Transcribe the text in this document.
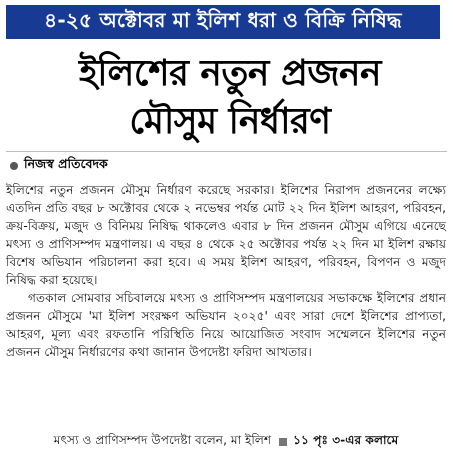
৪-২৫ অক্টোবর মা ইলিশ ধরা ও বিক্রি নিষিদ্ধ
ইলিশের নতুন প্রজনন
মৌসুম নির্ধারণ
নিজস্ব প্রতিবেদক

ইলিশের নতুন প্রজনন মৌসুম নির্ধারণ করেছে সরকার। ইলিশের নিরাপদ প্রজননের লক্ষ্যে এতদিন প্রতি বছর ৮ অক্টোবর থেকে ২ নভেম্বর পর্যন্ত মোট ২২ দিন ইলিশ আহরণ, পরিবহন, ক্রয়-বিক্রয়, মজুদ ও বিনিময় নিষিদ্ধ থাকলেও এবার ৮ দিন প্রজনন মৌসুম এগিয়ে এনেছে মৎস্য ও প্রাণিসম্পদ মন্ত্রণালয়। এ বছর ৪ থেকে ২৫ অক্টোবর পর্যন্ত ২২ দিন মা ইলিশ রক্ষায় বিশেষ অভিযান পরিচালনা করা হবে। এ সময় ইলিশ আহরণ, পরিবহন, বিপণন ও মজুদ নিষিদ্ধ করা হয়েছে।

গতকাল সোমবার সচিবালয়ে মৎস্য ও প্রাণিসম্পদ মন্ত্রণালয়ের সভাকক্ষে ইলিশের প্রধান প্রজনন মৌসুমে 'মা ইলিশ সংরক্ষণ অভিযান ২০২৫' এবং সারা দেশে ইলিশের প্রাপ্যতা, আহরণ, মূল্য এবং রফতানি পরিস্থিতি নিয়ে আয়োজিত সংবাদ সম্মেলনে ইলিশের নতুন প্রজনন মৌসুম নির্ধারণের কথা জানান উপদেষ্টা ফরিদা আখতার।

মৎস্য ও প্রাণিসম্পদ উপদেষ্টা বলেন, মা ইলিশ ১১ পৃঃ ৩-এর কলামে
